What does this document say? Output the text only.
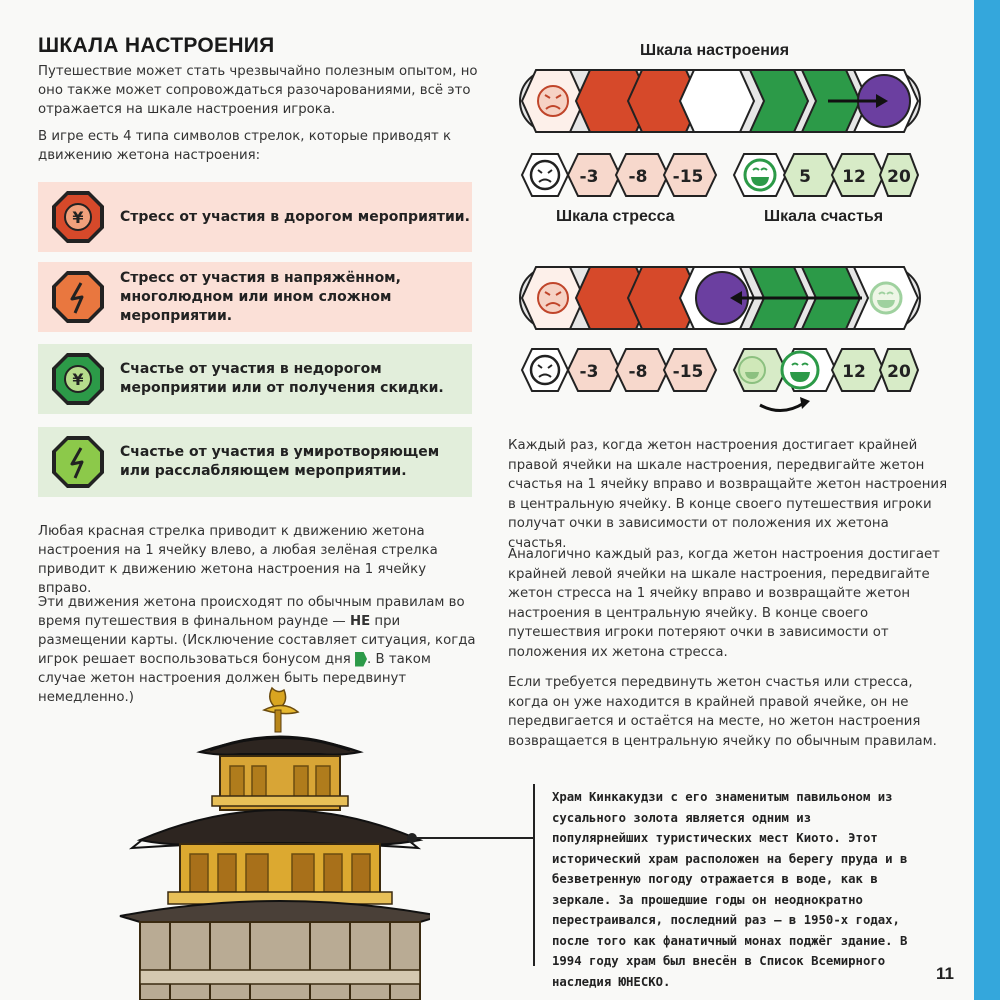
11
ШКАЛА НАСТРОЕНИЯ
Путешествие может стать чрезвычайно полезным опытом, но оно также может сопровождаться разочарованиями, всё это отражается на шкале настроения игрока.
В игре есть 4 типа символов стрелок, которые приводят к движению жетона настроения:
¥	Стресс от участия в дорогом мероприятии.
Стресс от участия в напряжённом, многолюдном или ином сложном мероприятии.
¥
Счастье от участия в недорогом мероприятии или от получения скидки.
Счастье от участия в умиротворяющем или расслабляющем мероприятии.
Любая красная стрелка приводит к движению жетона настроения на 1 ячейку влево, а любая зелёная стрелка приводит к движению жетона настроения на 1 ячейку вправо.
Эти движения жетона происходят по обычным правилам во время путешествия в финальном раунде — НЕ при размещении карты. (Исключение составляет ситуация, когда игрок решает воспользоваться бонусом дня . В таком случае жетон настроения должен быть передвинут немедленно.)
Шкала настроения
-3 -8 -15	5 12 20
Шкала стресса	Шкала счастья
-3 -8 -15	12 20
Каждый раз, когда жетон настроения достигает крайней правой ячейки на шкале настроения, передвигайте жетон счастья на 1 ячейку вправо и возвращайте жетон настроения в центральную ячейку. В конце своего путешествия игроки получат очки в зависимости от положения их жетона счастья.
Аналогично каждый раз, когда жетон настроения достигает крайней левой ячейки на шкале настроения, передвигайте жетон стресса на 1 ячейку вправо и возвращайте жетон настроения в центральную ячейку. В конце своего путешествия игроки потеряют очки в зависимости от положения их жетона стресса.
Если требуется передвинуть жетон счастья или стресса, когда он уже находится в крайней правой ячейке, он не передвигается и остаётся на месте, но жетон настроения возвращается в центральную ячейку по обычным правилам.
Храм Кинкакудзи с его знаменитым павильоном из сусального золота является одним из популярнейших туристических мест Киото. Этот исторический храм расположен на берегу пруда и в безветренную погоду отражается в воде, как в зеркале. За прошедшие годы он неоднократно перестраивался, последний раз — в 1950-х годах, после того как фанатичный монах поджёг здание. В 1994 году храм был внесён в Список Всемирного наследия ЮНЕСКО.
